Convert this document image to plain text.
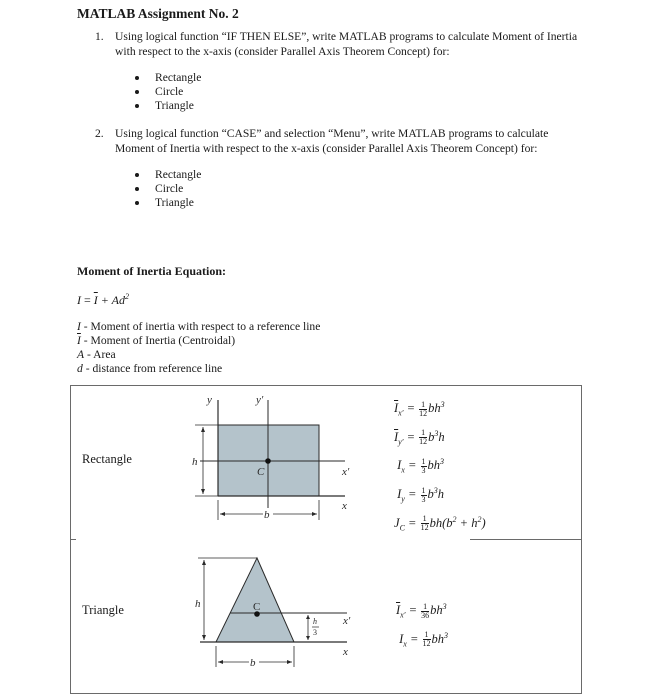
MATLAB Assignment No. 2
1. Using logical function “IF THEN ELSE”, write MATLAB programs to calculate Moment of Inertia with respect to the x-axis (consider Parallel Axis Theorem Concept) for:
Rectangle
Circle
Triangle
2. Using logical function “CASE” and selection “Menu”, write MATLAB programs to calculate Moment of Inertia with respect to the x-axis (consider Parallel Axis Theorem Concept) for:
Rectangle
Circle
Triangle
Moment of Inertia Equation:
$I = \overline{I} + Ad^2$
I - Moment of inertia with respect to a reference line
$\overline{I}$ - Moment of Inertia (Centroidal)
A - Area
d - distance from reference line
Rectangle
y	y′
h
C	x′
x
b
$\overline{I}_{x'} = \frac{1}{12} bh^3$
$\overline{I}_{y'} = \frac{1}{12} b^3h$
$I_x = \frac{1}{3} bh^3$
$I_y = \frac{1}{3} b^3h$
$J_C = \frac{1}{12} bh(b^2 + h^2)$
Triangle	h	C
h
3
x′
x
b
$\overline{I}_{x'} = \frac{1}{36} bh^3$
$I_x = \frac{1}{12} bh^3$
